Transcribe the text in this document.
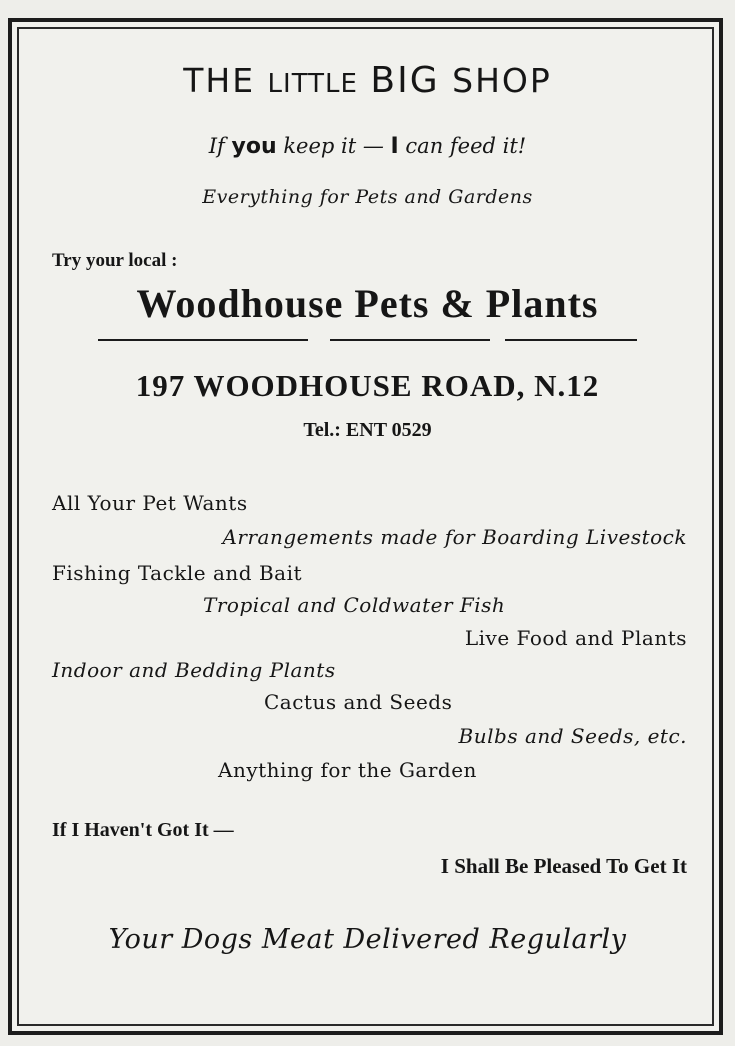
THE LITTLE BIG SHOP
If you keep it — I can feed it!
Everything for Pets and Gardens
Try your local :
Woodhouse Pets & Plants
197 WOODHOUSE ROAD, N.12
Tel.: ENT 0529
All Your Pet Wants
Arrangements made for Boarding Livestock
Fishing Tackle and Bait
Tropical and Coldwater Fish
Live Food and Plants
Indoor and Bedding Plants
Cactus and Seeds
Bulbs and Seeds, etc.
Anything for the Garden
If I Haven't Got It —
I Shall Be Pleased To Get It
Your Dogs Meat Delivered Regularly
